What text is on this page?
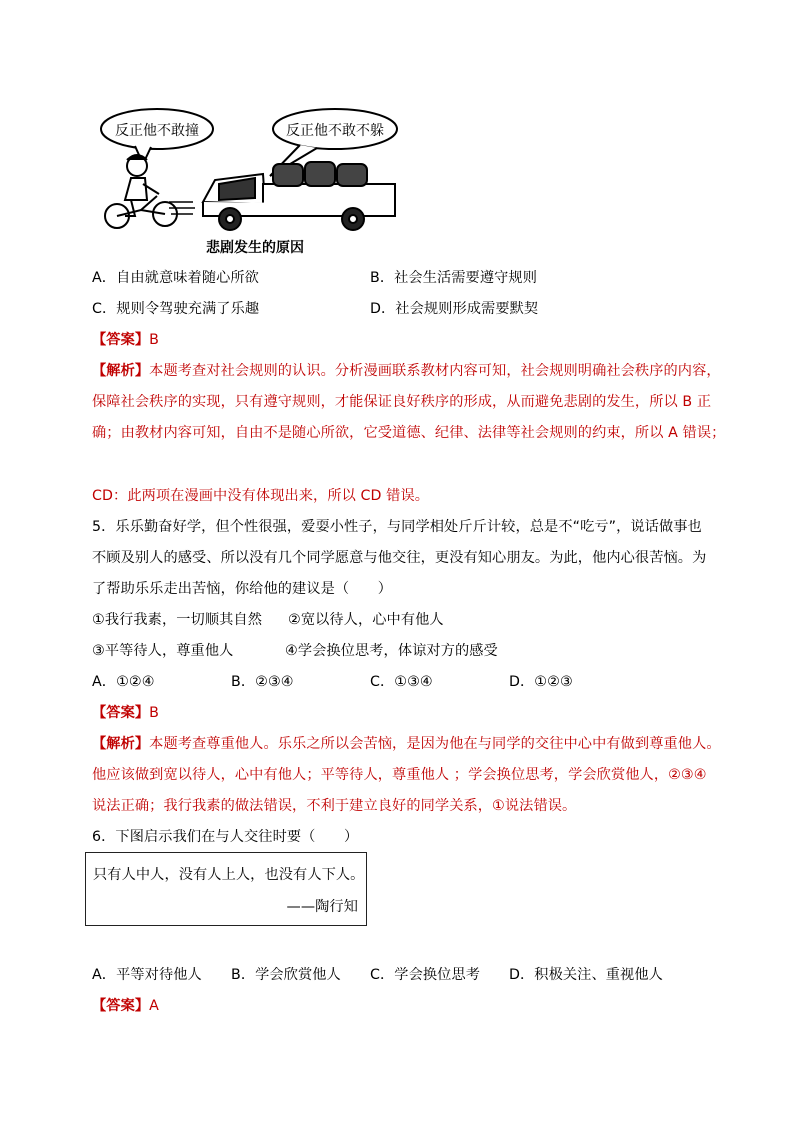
反正他不敢撞	反正他不敢不躲
悲剧发生的原因
A．自由就意味着随心所欲	B．社会生活需要遵守规则
C．规则令驾驶充满了乐趣	D．社会规则形成需要默契
【答案】B
【解析】本题考查对社会规则的认识。分析漫画联系教材内容可知，社会规则明确社会秩序的内容，
保障社会秩序的实现，只有遵守规则，才能保证良好秩序的形成，从而避免悲剧的发生，所以 B 正
确；由教材内容可知，自由不是随心所欲，它受道德、纪律、法律等社会规则的约束，所以 A 错误；
CD：此两项在漫画中没有体现出来，所以 CD 错误。
5．乐乐勤奋好学，但个性很强，爱耍小性子，与同学相处斤斤计较，总是不“吃亏”，说话做事也
不顾及别人的感受、所以没有几个同学愿意与他交往，更没有知心朋友。为此，他内心很苦恼。为
了帮助乐乐走出苦恼，你给他的建议是（　　）
①我行我素，一切顺其自然 ②宽以待人，心中有他人
③平等待人，尊重他人	④学会换位思考，体谅对方的感受
A．①②④	B．②③④	C．①③④	D．①②③
【答案】B
【解析】本题考查尊重他人。乐乐之所以会苦恼，是因为他在与同学的交往中心中有做到尊重他人。
他应该做到宽以待人，心中有他人；平等待人，尊重他人 ；学会换位思考，学会欣赏他人，②③④
说法正确；我行我素的做法错误，不利于建立良好的同学关系，①说法错误。
6．下图启示我们在与人交往时要（　　）
只有人中人，没有人上人，也没有人下人。
——陶行知
A．平等对待他人 B．学会欣赏他人 C．学会换位思考 D．积极关注、重视他人
【答案】A
